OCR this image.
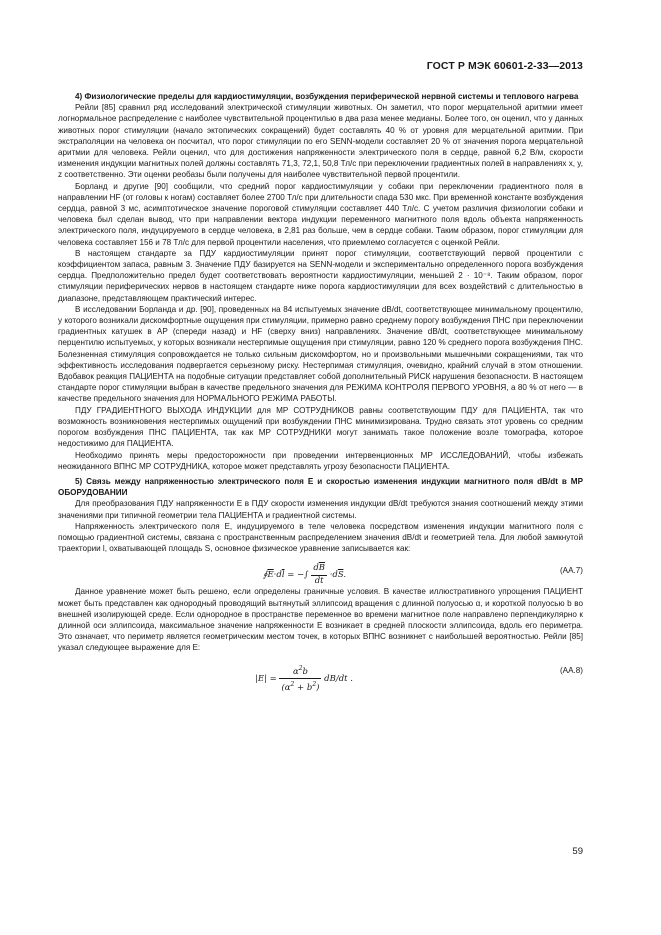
ГОСТ Р МЭК 60601-2-33—2013

4) Физиологические пределы для кардиостимуляции, возбуждения периферической нервной системы и теплового нагрева

Рейли [85] сравнил ряд исследований электрической стимуляции животных. Он заметил, что порог мерцательной аритмии имеет логнормальное распределение с наиболее чувствительной процентилью в два раза менее медианы. Более того, он оценил, что у данных животных порог стимуляции (начало эктопических сокращений) будет составлять 40 % от уровня для мерцательной аритмии. При экстраполяции на человека он посчитал, что порог стимуляции по его SENN-модели составляет 20 % от значения порога мерцательной аритмии для человека. Рейли оценил, что для достижения напряженности электрического поля в сердце, равной 6,2 В/м, скорости изменения индукции магнитных полей должны составлять 71,3, 72,1, 50,8 Тл/с при переключении градиентных полей в направлениях x, y, z соответственно. Эти оценки реобазы были получены для наиболее чувствительной первой процентили.

Борланд и другие [90] сообщили, что средний порог кардиостимуляции у собаки при переключении градиентного поля в направлении HF (от головы к ногам) составляет более 2700 Тл/с при длительности спада 530 мкс. При временной константе возбуждения сердца, равной 3 мс, асимптотическое значение пороговой стимуляции составляет 440 Тл/с. С учетом различия физиологии собаки и человека был сделан вывод, что при направлении вектора индукции переменного магнитного поля вдоль объекта напряженность электрического поля, индуцируемого в сердце человека, в 2,81 раз больше, чем в сердце собаки. Таким образом, порог стимуляции для человека составляет 156 и 78 Тл/с для первой процентили населения, что приемлемо согласуется с оценкой Рейли.

В настоящем стандарте за ПДУ кардиостимуляции принят порог стимуляции, соответствующий первой процентили с коэффициентом запаса, равным 3. Значение ПДУ базируется на SENN-модели и экспериментально определенного порога возбуждения сердца. Предположительно предел будет соответствовать вероятности кардиостимуляции, меньшей 2 · 10⁻⁸. Таким образом, порог стимуляции периферических нервов в настоящем стандарте ниже порога кардиостимуляции для всех воздействий с длительностью в диапазоне, представляющем практический интерес.

В исследовании Борланда и др. [90], проведенных на 84 испытуемых значение dB/dt, соответствующее минимальному процентилю, у которого возникали дискомфортные ощущения при стимуляции, примерно равно среднему порогу возбуждения ПНС при переключении градиентных катушек в AP (спереди назад) и HF (сверху вниз) направлениях. Значение dB/dt, соответствующее минимальному перцентилю испытуемых, у которых возникали нестерпимые ощущения при стимуляции, равно 120 % среднего порога возбуждения ПНС. Болезненная стимуляция сопровождается не только сильным дискомфортом, но и произвольными мышечными сокращениями, так что эффективность исследования подвергается серьезному риску. Нестерпимая стимуляция, очевидно, крайний случай в этом отношении. Вдобавок реакция ПАЦИЕНТА на подобные ситуации представляет собой дополнительный РИСК нарушения безопасности. В настоящем стандарте порог стимуляции выбран в качестве предельного значения для РЕЖИМА КОНТРОЛЯ ПЕРВОГО УРОВНЯ, а 80 % от него — в качестве предельного значения для НОРМАЛЬНОГО РЕЖИМА РАБОТЫ.

ПДУ ГРАДИЕНТНОГО ВЫХОДА ИНДУКЦИИ для МР СОТРУДНИКОВ равны соответствующим ПДУ для ПАЦИЕНТА, так что возможность возникновения нестерпимых ощущений при возбуждении ПНС минимизирована. Трудно связать этот уровень со средним порогом возбуждения ПНС ПАЦИЕНТА, так как МР СОТРУДНИКИ могут занимать такое положение возле томографа, которое недостижимо для ПАЦИЕНТА.

Необходимо принять меры предосторожности при проведении интервенционных МР ИССЛЕДОВАНИЙ, чтобы избежать неожиданного ВПНС МР СОТРУДНИКА, которое может представлять угрозу безопасности ПАЦИЕНТА.

5) Связь между напряженностью электрического поля E и скоростью изменения индукции магнитного поля dB/dt в МР ОБОРУДОВАНИИ

Для преобразования ПДУ напряженности E в ПДУ скорости изменения индукции dB/dt требуются знания соотношений между этими значениями при типичной геометрии тела ПАЦИЕНТА и градиентной системы.

Напряженность электрического поля E, индуцируемого в теле человека посредством изменения индукции магнитного поля с помощью градиентной системы, связана с пространственным распределением значения dB/dt и геометрией тела. Для любой замкнутой траектории l, охватывающей площадь S, основное физическое уравнение записывается как:

$∮\overline{E}\cdot d\overline{l}$ = −∫ $\frac{d\overline{B}}{dt} \cdot d\overline{S}$.	(AA.7)

Данное уравнение может быть решено, если определены граничные условия. В качестве иллюстративного упрощения ПАЦИЕНТ может быть представлен как однородный проводящий вытянутый эллипсоид вращения с длинной полуосью α, и короткой полуосью b во внешней изолирующей среде. Если однородное в пространстве переменное во времени магнитное поле направлено перпендикулярно к длинной оси эллипсоида, максимальное значение напряженности E возникает в средней плоскости эллипсоида, вдоль его периметра. Это означает, что периметр является геометрическим местом точек, в которых ВПНС возникнет с наибольшей вероятностью. Рейли [85] указал следующее выражение для E:

$|E| = \frac{\alpha^2b}{(\alpha^2 + b^2)} dB/dt$ .
(AA.8)
59
